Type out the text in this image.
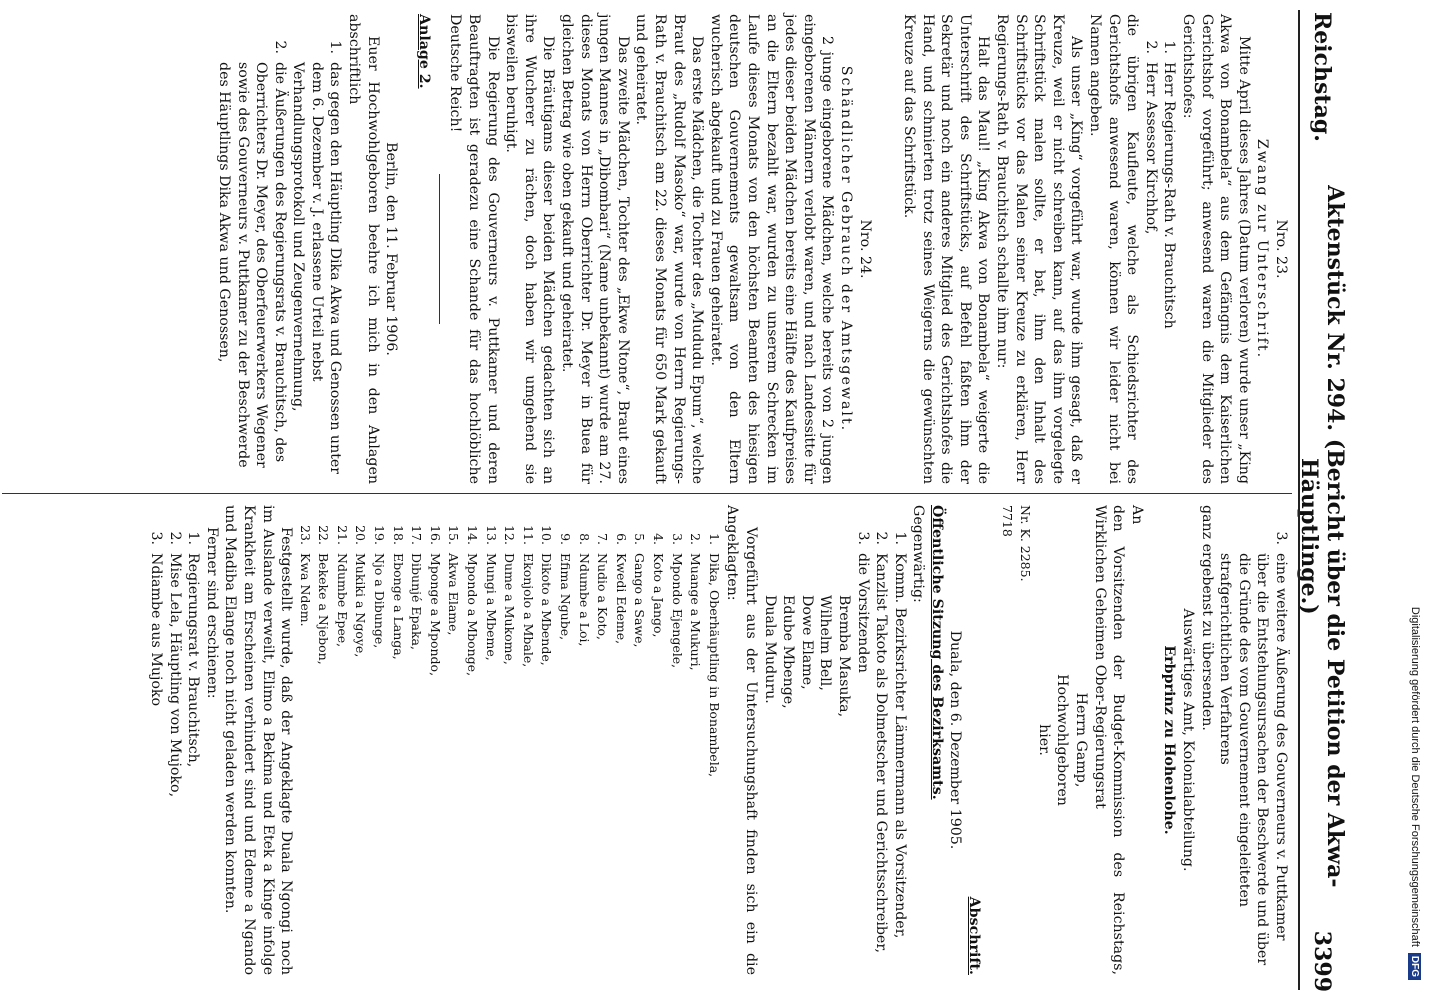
Reichstag.
Aktenstück Nr. 294. (Bericht über die Petition der Akwa-Häuptlinge.)
3399

Nro. 23.

Zwang zur Unterschrift.

Mitte April dieses Jahres (Datum verloren) wurde unser „King Akwa von Bonambela“ aus dem Gefängnis dem Kaiserlichen Gerichtshof vorgeführt; anwesend waren die Mitglieder des Gerichtshofes:

1.
Herr Regierungs-Rath v. Brauchitsch
2.
Herr Assessor Kirchhof,

die übrigen Kaufleute, welche als Schiedsrichter des Gerichtshofs anwesend waren, können wir leider nicht bei Namen angeben.

Als unser „King“ vorgeführt war, wurde ihm gesagt, daß er Kreuze, weil er nicht schreiben kann, auf das ihm vorgelegte Schriftstück malen sollte, er bat, ihm den Inhalt des Schriftstücks vor das Malen seiner Kreuze zu erklären, Herr Regierungs-Rath v. Brauchitsch schallte ihm nur:

Halt das Maul! „King Akwa von Bonambela“ weigerte die Unterschrift des Schriftstücks, auf Befehl faßten ihm der Sekretär und noch ein anderes Mitglied des Gerichtshofes die Hand, und schmierten trotz seines Weigerns die gewünschten Kreuze auf das Schriftstück.

Nro. 24.

Schändlicher Gebrauch der Amtsgewalt.

2 junge eingeborene Mädchen, welche bereits von 2 jungen eingeborenen Männern verlobt waren, und nach Landessitte für jedes dieser beiden Mädchen bereits eine Hälfte des Kaufpreises an die Eltern bezahlt war, wurden zu unserem Schrecken im Laufe dieses Monats von den höchsten Beamten des hiesigen deutschen Gouvernements gewaltsam von den Eltern wucherisch abgekauft und zu Frauen geheiratet.

Das erste Mädchen, die Tochter des „Mududu Epum“, welche Braut des „Rudolf Masoko“ war, wurde von Herrn Regierungs-Rath v. Brauchitsch am 22. dieses Monats für 650 Mark gekauft und geheiratet.

Das zweite Mädchen, Tochter des „Ekwe Ntone“, Braut eines jungen Mannes in „Dibombari“ (Name unbekannt) wurde am 27. dieses Monats von Herrn Oberrichter Dr. Meyer in Buea für gleichen Betrag wie oben gekauft und geheiratet.

Die Bräutigams dieser beiden Mädchen gedachten sich an ihre Wucherer zu rächen, doch haben wir umgehend sie bisweilen beruhigt.

Die Regierung des Gouverneurs v. Puttkamer und deren Beauftragten ist geradezu eine Schande für das hochlöbliche Deutsche Reich!

Anlage 2.

Berlin, den 11. Februar 1906.

Euer Hochwohlgeboren beehre ich mich in den Anlagen abschriftlich

1.
das gegen den Häuptling Dika Akwa und Genossen unter dem 6. Dezember v. J. erlassene Urteil nebst Verhandlungsprotokoll und Zeugenvernehmung,
2.
die Äußerungen des Regierungsrats v. Brauchitsch, des Oberrichters Dr. Meyer, des Oberfeuerwerkers Wegener sowie des Gouverneurs v. Puttkamer zu der Beschwerde des Häuptlings Dika Akwa und Genossen,
3.
eine weitere Äußerung des Gouverneurs v. Puttkamer über die Entstehungsursachen der Beschwerde und über die Gründe des vom Gouvernement eingeleiteten strafgerichtlichen Verfahrens

ganz ergebenst zu übersenden.

Auswärtiges Amt, Kolonialabteilung.

Erbprinz zu Hohenlohe.

An

den Vorsitzenden der Budget-Kommission des Reichstags, Wirklichen Geheimen Ober-Regierungsrat

Herrn Gamp,

Hochwohlgeboren

hier.

Nr. K. 2285.

7718

Abschrift.

Duala, den 6. Dezember 1905.

Öffentliche Sitzung des Bezirksamts.

Gegenwärtig:

1.
Komm. Bezirksrichter Lämmermann als Vorsitzender,
2.
Kanzlist Takoto als Dolmetscher und Gerichtsschreiber,
3.
die Vorsitzenden

Bremba Masuka,

Wilhelm Bell,

Dowe Elame,

Edube Mbenge,

Duala Muduru.

Vorgeführt aus der Untersuchungshaft finden sich ein die Angeklagten:

1.
Dika, Oberhäuptling in Bonambela,
2.
Muange a Mukuri,
3.
Mpondo Ejengele,
4.
Koto a Jango,
5.
Gango a Sawe,
6.
Kwedi Edeme,
7.
Nudio a Koto,
8.
Ndumbe a Loi,
9.
Efima Ngube,
10.
Dikoto a Mbende,
11.
Ekonjolo a Mbale,
12.
Dume a Mukome,
13.
Mungi a Mbeme,
14.
Mpondo a Mbonge,
15.
Akwa Elame,
16.
Mponge a Mpondo,
17.
Dibunjé Epaka,
18.
Ebonge a Langa,
19.
Njo a Dibunge,
20.
Mukiki a Ngoye,
21.
Ndumbe Epee,
22.
Bekeke a Njebon,
23.
Kwa Ndem.

Festgestellt wurde, daß der Angeklagte Duala Ngongi noch im Auslande verweilt, Elimo a Bekima und Etek a Kinge infolge Krankheit am Erscheinen verhindert sind und Edeme a Ngando und Madiba Elange noch nicht geladen werden konnten.

Ferner sind erschienen:

1.
Regierungsrat v. Brauchitsch,
2.
Mise Lela, Häuptling von Mujoko,
3.
Ndiambe aus Mujoko	Digitalisierung gefördert durch die Deutsche Forschungsgemeinschaft
DFG
